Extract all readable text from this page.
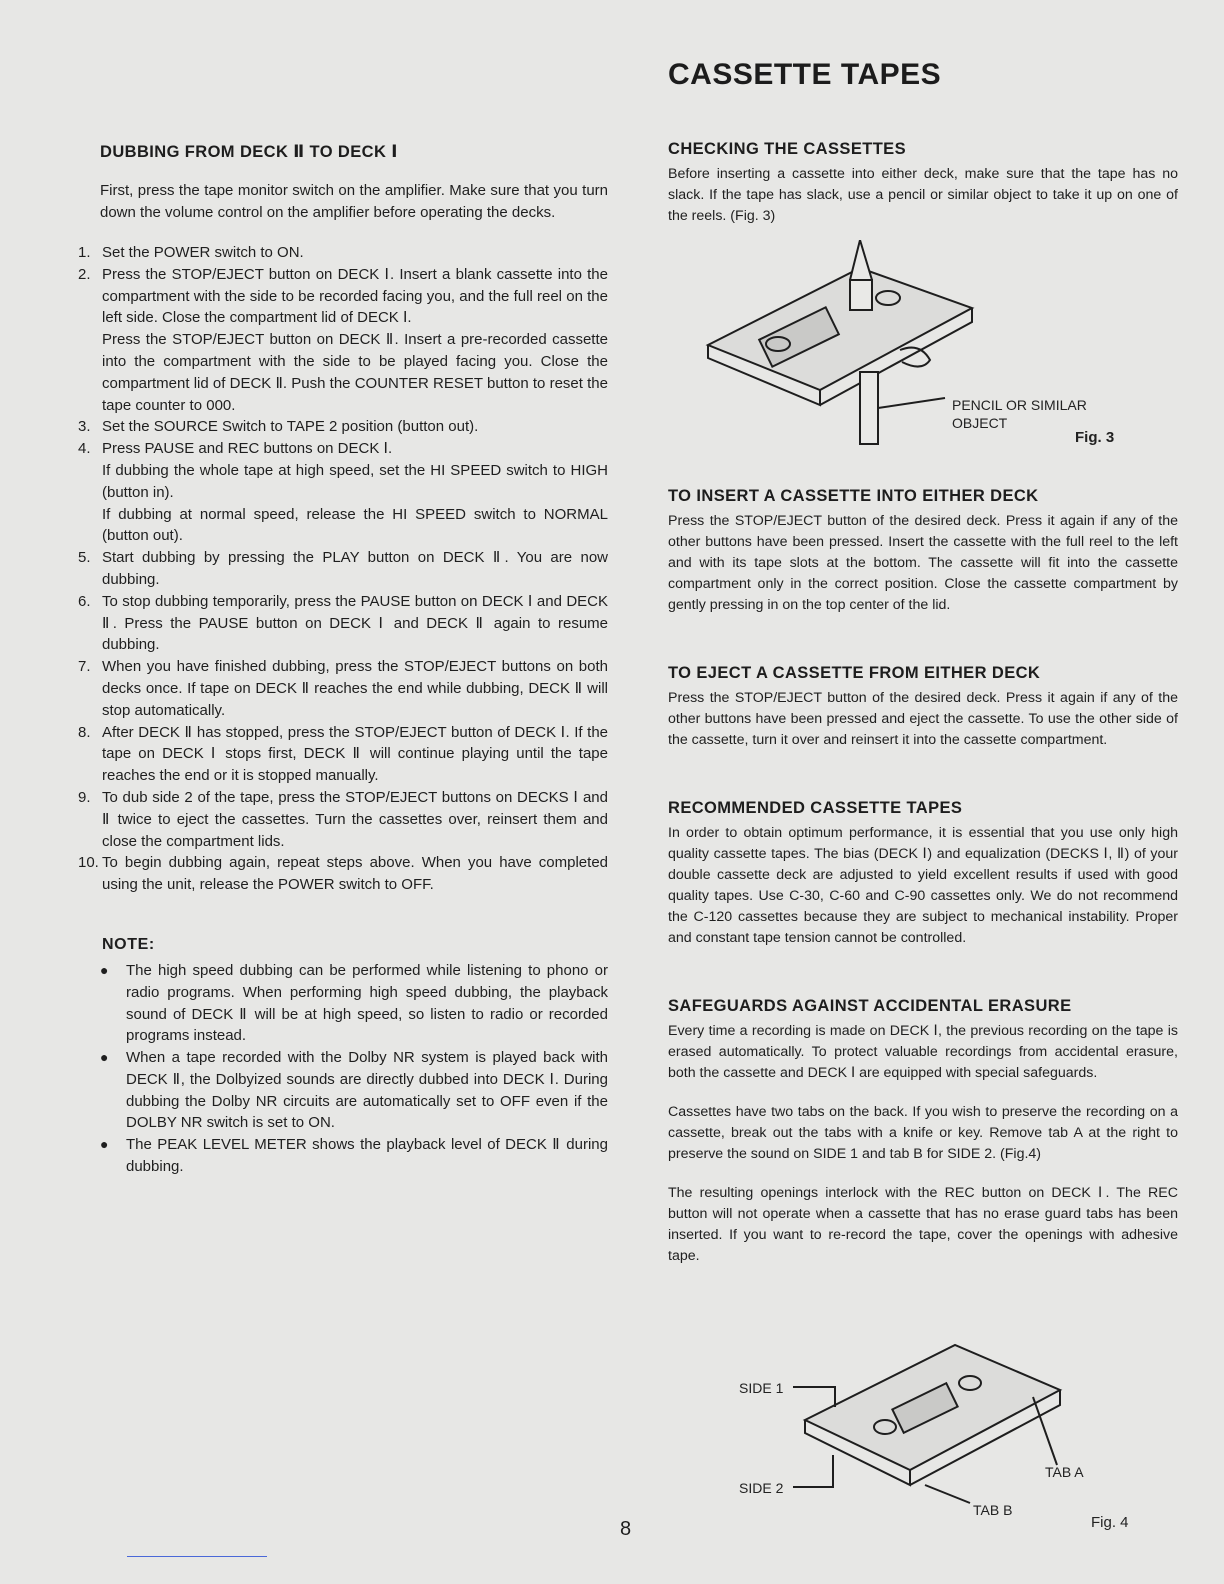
CASSETTE TAPES
DUBBING FROM DECK Ⅱ TO DECK Ⅰ

First, press the tape monitor switch on the amplifier. Make sure that you turn down the volume control on the amplifier before operating the decks.

1. Set the POWER switch to ON.
2. Press the STOP/EJECT button on DECK Ⅰ. Insert a blank cassette into the compartment with the side to be recorded facing you, and the full reel on the left side. Close the compartment lid of DECK Ⅰ.
Press the STOP/EJECT button on DECK Ⅱ. Insert a pre-recorded cassette into the compartment with the side to be played facing you. Close the compartment lid of DECK Ⅱ. Push the COUNTER RESET button to reset the tape counter to 000.
3. Set the SOURCE Switch to TAPE 2 position (button out).
4. Press PAUSE and REC buttons on DECK Ⅰ.
If dubbing the whole tape at high speed, set the HI SPEED switch to HIGH (button in).
If dubbing at normal speed, release the HI SPEED switch to NORMAL (button out).
5. Start dubbing by pressing the PLAY button on DECK Ⅱ. You are now dubbing.
6. To stop dubbing temporarily, press the PAUSE button on DECK Ⅰ and DECK Ⅱ. Press the PAUSE button on DECK Ⅰ and DECK Ⅱ again to resume dubbing.
7. When you have finished dubbing, press the STOP/EJECT buttons on both decks once. If tape on DECK Ⅱ reaches the end while dubbing, DECK Ⅱ will stop automatically.
8. After DECK Ⅱ has stopped, press the STOP/EJECT button of DECK Ⅰ. If the tape on DECK Ⅰ stops first, DECK Ⅱ will continue playing until the tape reaches the end or it is stopped manually.
9. To dub side 2 of the tape, press the STOP/EJECT buttons on DECKS Ⅰ and Ⅱ twice to eject the cassettes. Turn the cassettes over, reinsert them and close the compartment lids.
10. To begin dubbing again, repeat steps above. When you have completed using the unit, release the POWER switch to OFF.
NOTE:
● The high speed dubbing can be performed while listening to phono or radio programs. When performing high speed dubbing, the playback sound of DECK Ⅱ will be at high speed, so listen to radio or recorded programs instead.
● When a tape recorded with the Dolby NR system is played back with DECK Ⅱ, the Dolbyized sounds are directly dubbed into DECK Ⅰ. During dubbing the Dolby NR circuits are automatically set to OFF even if the DOLBY NR switch is set to ON.
● The PEAK LEVEL METER shows the playback level of DECK Ⅱ during dubbing.
CHECKING THE CASSETTES

Before inserting a cassette into either deck, make sure that the tape has no slack. If the tape has slack, use a pencil or similar object to take it up on one of the reels. (Fig. 3)

TO INSERT A CASSETTE INTO EITHER DECK

Press the STOP/EJECT button of the desired deck. Press it again if any of the other buttons have been pressed. Insert the cassette with the full reel to the left and with its tape slots at the bottom. The cassette will fit into the cassette compartment only in the correct position. Close the cassette compartment by gently pressing in on the top center of the lid.

TO EJECT A CASSETTE FROM EITHER DECK

Press the STOP/EJECT button of the desired deck. Press it again if any of the other buttons have been pressed and eject the cassette. To use the other side of the cassette, turn it over and reinsert it into the cassette compartment.

RECOMMENDED CASSETTE TAPES

In order to obtain optimum performance, it is essential that you use only high quality cassette tapes. The bias (DECK Ⅰ) and equalization (DECKS Ⅰ, Ⅱ) of your double cassette deck are adjusted to yield excellent results if used with good quality tapes. Use C-30, C-60 and C-90 cassettes only. We do not recommend the C-120 cassettes because they are subject to mechanical instability. Proper and constant tape tension cannot be controlled.

SAFEGUARDS AGAINST ACCIDENTAL ERASURE

Every time a recording is made on DECK Ⅰ, the previous recording on the tape is erased automatically. To protect valuable recordings from accidental erasure, both the cassette and DECK Ⅰ are equipped with special safeguards.

Cassettes have two tabs on the back. If you wish to preserve the recording on a cassette, break out the tabs with a knife or key. Remove tab A at the right to preserve the sound on SIDE 1 and tab B for SIDE 2. (Fig.4)

The resulting openings interlock with the REC button on DECK Ⅰ. The REC button will not operate when a cassette that has no erase guard tabs has been inserted. If you want to re-record the tape, cover the openings with adhesive tape.

PENCIL OR SIMILAR
OBJECT
Fig. 3
SIDE 1
SIDE 2
TAB A
TAB B
Fig. 4
8
